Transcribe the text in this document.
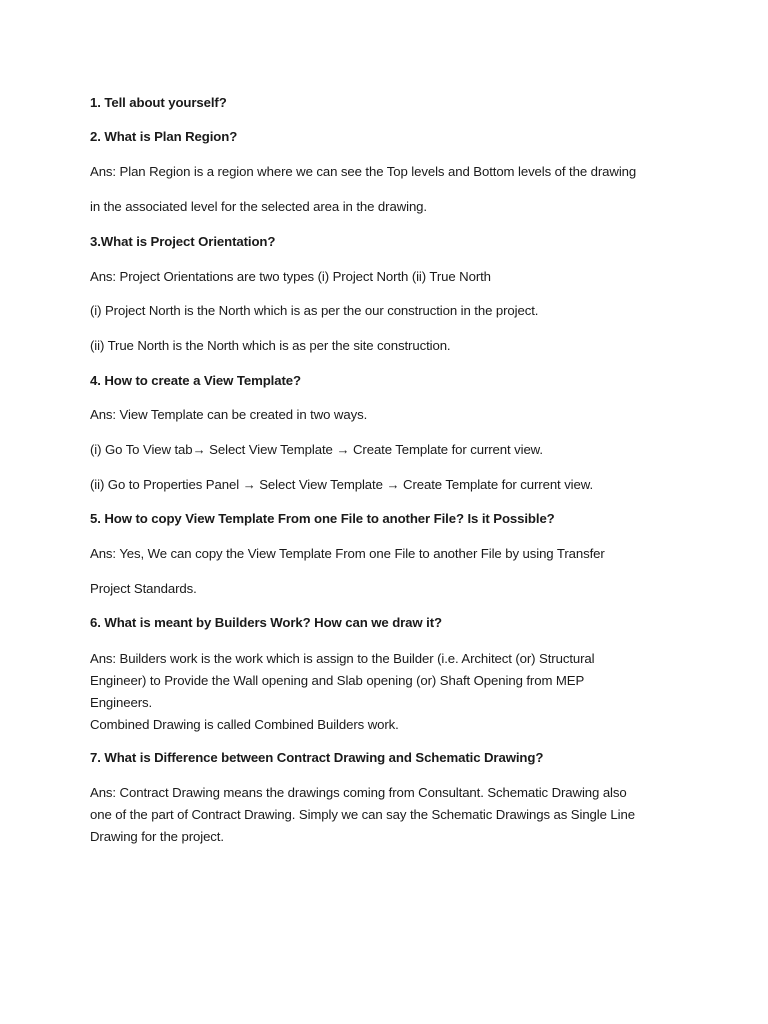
1. Tell about yourself?
2. What is Plan Region?
Ans: Plan Region is a region where we can see the Top levels and Bottom levels of the drawing
in the associated level for the selected area in the drawing.
3.What is Project Orientation?
Ans: Project Orientations are two types (i) Project North (ii) True North
(i) Project North is the North which is as per the our construction in the project.
(ii) True North is the North which is as per the site construction.
4. How to create a View Template?
Ans: View Template can be created in two ways.
(i) Go To View tab→ Select View Template → Create Template for current view.
(ii) Go to Properties Panel → Select View Template → Create Template for current view.
5. How to copy View Template From one File to another File? Is it Possible?
Ans: Yes, We can copy the View Template From one File to another File by using Transfer
Project Standards.
6. What is meant by Builders Work? How can we draw it?
Ans: Builders work is the work which is assign to the Builder (i.e. Architect (or) Structural
Engineer) to Provide the Wall opening and Slab opening (or) Shaft Opening from MEP
Engineers.
Combined Drawing is called Combined Builders work.
7. What is Difference between Contract Drawing and Schematic Drawing?
Ans: Contract Drawing means the drawings coming from Consultant. Schematic Drawing also
one of the part of Contract Drawing. Simply we can say the Schematic Drawings as Single Line
Drawing for the project.
